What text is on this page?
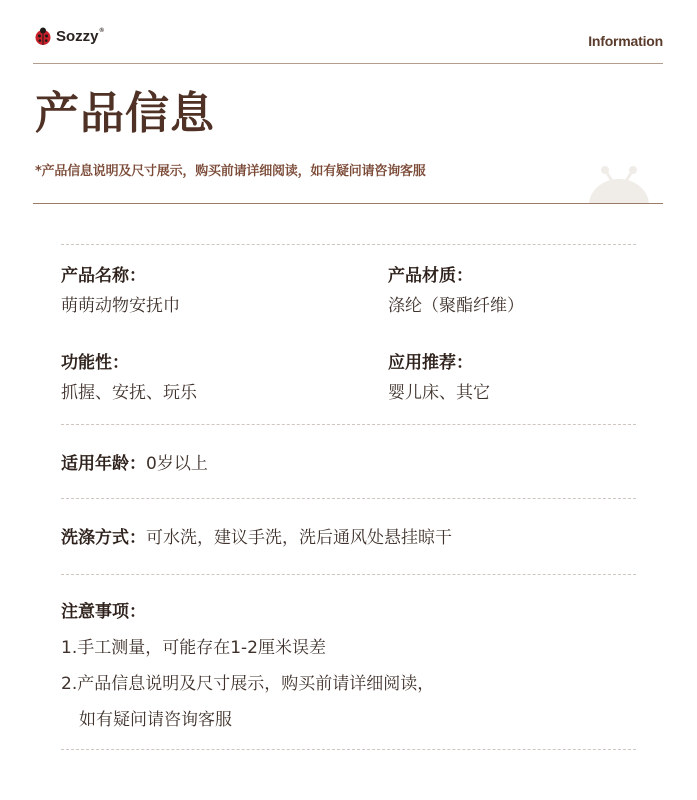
Sozzy®
Information
产品信息
*产品信息说明及尺寸展示，购买前请详细阅读，如有疑问请咨询客服
产品名称：
萌萌动物安抚巾
产品材质：
涤纶（聚酯纤维）
功能性：
抓握、安抚、玩乐
应用推荐：
婴儿床、其它
适用年龄：0岁以上
洗涤方式：可水洗，建议手洗，洗后通风处悬挂晾干
注意事项：
1.手工测量，可能存在1-2厘米误差
2.产品信息说明及尺寸展示，购买前请详细阅读，
如有疑问请咨询客服
